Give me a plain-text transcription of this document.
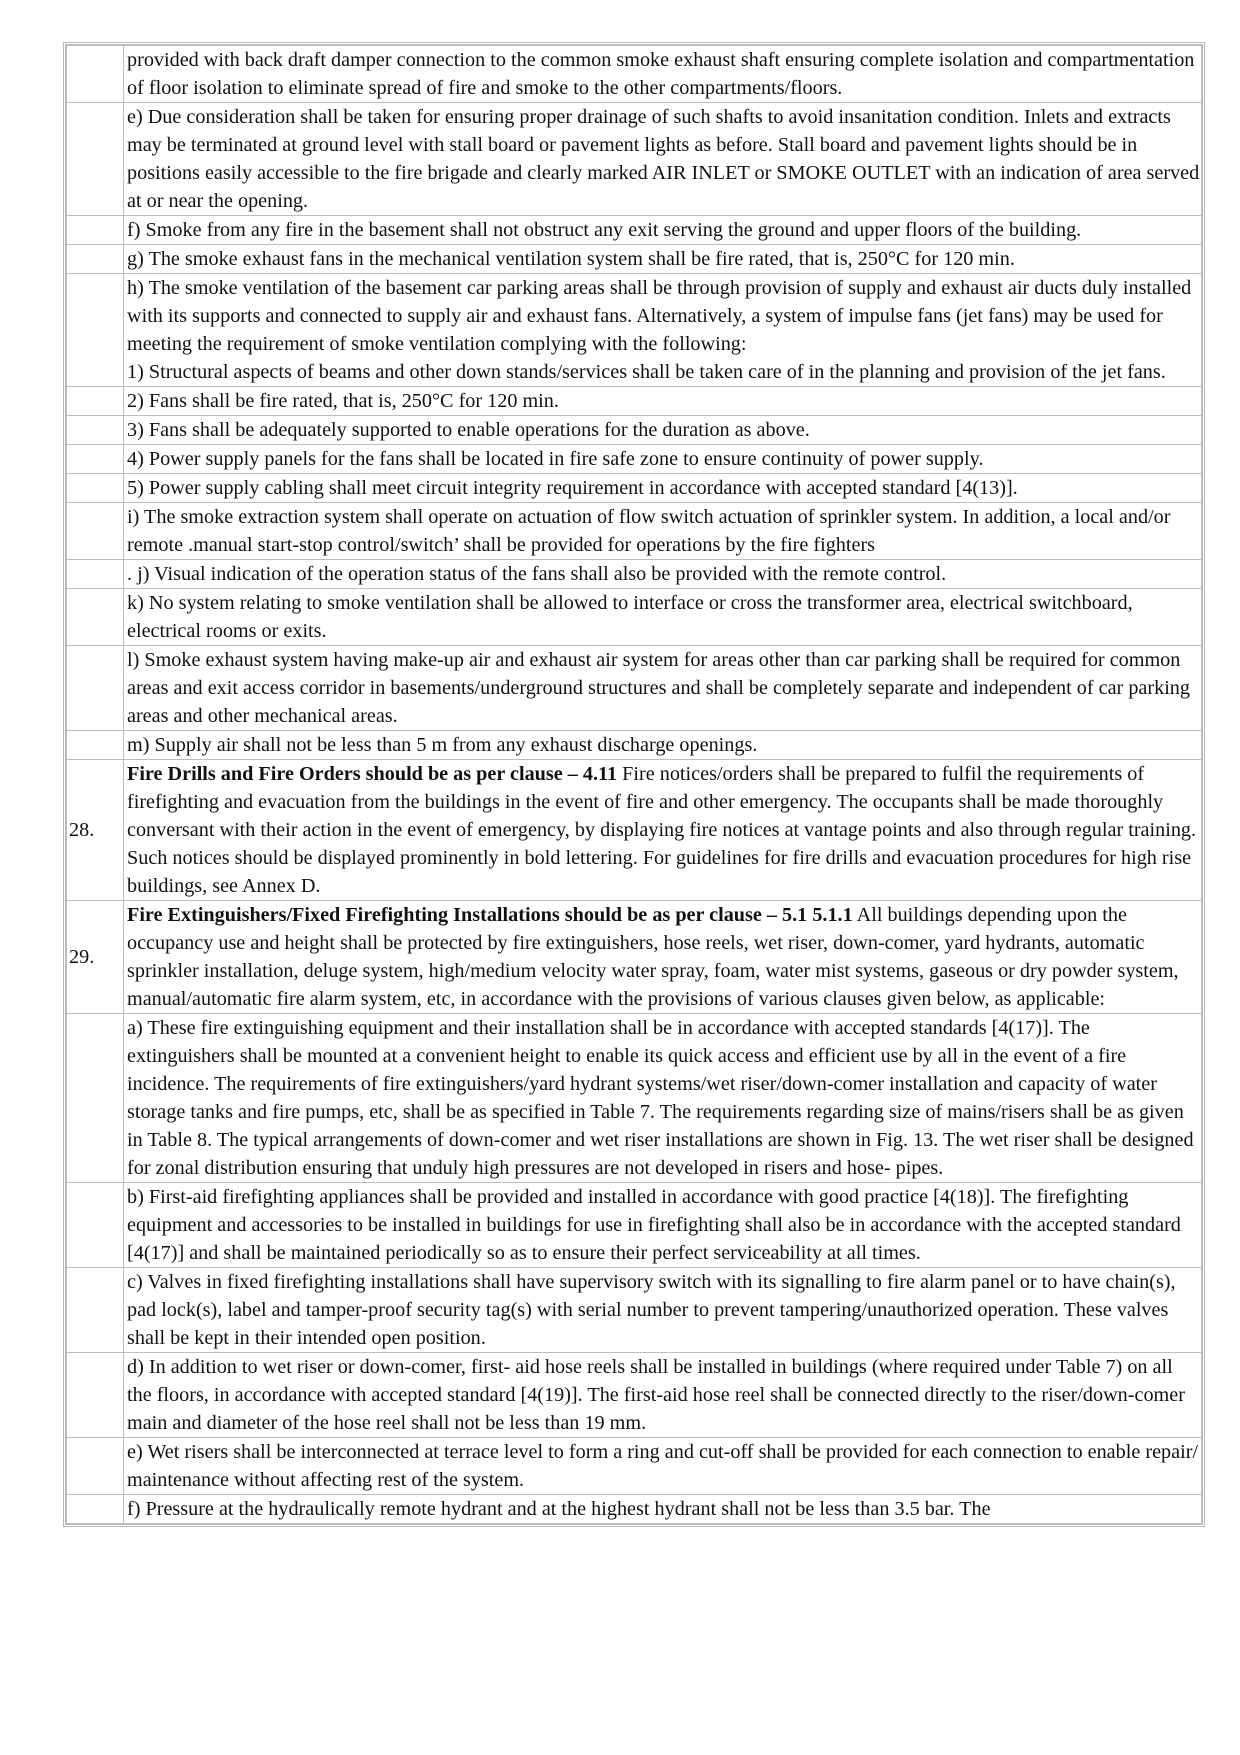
	provided with back draft damper connection to the common smoke exhaust shaft ensuring complete isolation and compartmentation of floor isolation to eliminate spread of fire and smoke to the other compartments/floors.
	e) Due consideration shall be taken for ensuring proper drainage of such shafts to avoid insanitation condition. Inlets and extracts may be terminated at ground level with stall board or pavement lights as before. Stall board and pavement lights should be in positions easily accessible to the fire brigade and clearly marked AIR INLET or SMOKE OUTLET with an indication of area served at or near the opening.
	f) Smoke from any fire in the basement shall not obstruct any exit serving the ground and upper floors of the building.
	g) The smoke exhaust fans in the mechanical ventilation system shall be fire rated, that is, 250°C for 120 min.

	h) The smoke ventilation of the basement car parking areas shall be through provision of supply and exhaust air ducts duly installed with its supports and connected to supply air and exhaust fans. Alternatively, a system of impulse fans (jet fans) may be used for meeting the requirement of smoke ventilation complying with the following:
1) Structural aspects of beams and other down stands/services shall be taken care of in the planning and provision of the jet fans.

	2) Fans shall be fire rated, that is, 250°C for 120 min.
	3) Fans shall be adequately supported to enable operations for the duration as above.
	4) Power supply panels for the fans shall be located in fire safe zone to ensure continuity of power supply.
	5) Power supply cabling shall meet circuit integrity requirement in accordance with accepted standard [4(13)].
	i) The smoke extraction system shall operate on actuation of flow switch actuation of sprinkler system. In addition, a local and/or remote .manual start-stop control/switch’ shall be provided for operations by the fire fighters
	. j) Visual indication of the operation status of the fans shall also be provided with the remote control.
	k) No system relating to smoke ventilation shall be allowed to interface or cross the transformer area, electrical switchboard, electrical rooms or exits.
	l) Smoke exhaust system having make-up air and exhaust air system for areas other than car parking shall be required for common areas and exit access corridor in basements/underground structures and shall be completely separate and independent of car parking areas and other mechanical areas.
	m) Supply air shall not be less than 5 m from any exhaust discharge openings.
28.	Fire Drills and Fire Orders should be as per clause – 4.11 Fire notices/orders shall be prepared to fulfil the requirements of firefighting and evacuation from the buildings in the event of fire and other emergency. The occupants shall be made thoroughly conversant with their action in the event of emergency, by displaying fire notices at vantage points and also through regular training. Such notices should be displayed prominently in bold lettering. For guidelines for fire drills and evacuation procedures for high rise buildings, see Annex D.
29.	Fire Extinguishers/Fixed Firefighting Installations should be as per clause – 5.1 5.1.1 All buildings depending upon the occupancy use and height shall be protected by fire extinguishers, hose reels, wet riser, down-comer, yard hydrants, automatic sprinkler installation, deluge system, high/medium velocity water spray, foam, water mist systems, gaseous or dry powder system, manual/automatic fire alarm system, etc, in accordance with the provisions of various clauses given below, as applicable:
	a) These fire extinguishing equipment and their installation shall be in accordance with accepted standards [4(17)]. The extinguishers shall be mounted at a convenient height to enable its quick access and efficient use by all in the event of a fire incidence. The requirements of fire extinguishers/yard hydrant systems/wet riser/down-comer installation and capacity of water storage tanks and fire pumps, etc, shall be as specified in Table 7. The requirements regarding size of mains/risers shall be as given in Table 8. The typical arrangements of down-comer and wet riser installations are shown in Fig. 13. The wet riser shall be designed for zonal distribution ensuring that unduly high pressures are not developed in risers and hose- pipes.
	b) First-aid firefighting appliances shall be provided and installed in accordance with good practice [4(18)]. The firefighting equipment and accessories to be installed in buildings for use in firefighting shall also be in accordance with the accepted standard [4(17)] and shall be maintained periodically so as to ensure their perfect serviceability at all times.
	c) Valves in fixed firefighting installations shall have supervisory switch with its signalling to fire alarm panel or to have chain(s), pad lock(s), label and tamper-proof security tag(s) with serial number to prevent tampering/unauthorized operation. These valves shall be kept in their intended open position.
	d) In addition to wet riser or down-comer, first- aid hose reels shall be installed in buildings (where required under Table 7) on all the floors, in accordance with accepted standard [4(19)]. The first-aid hose reel shall be connected directly to the riser/down-comer main and diameter of the hose reel shall not be less than 19 mm.
	e) Wet risers shall be interconnected at terrace level to form a ring and cut-off shall be provided for each connection to enable repair/ maintenance without affecting rest of the system.
	f) Pressure at the hydraulically remote hydrant and at the highest hydrant shall not be less than 3.5 bar. The
